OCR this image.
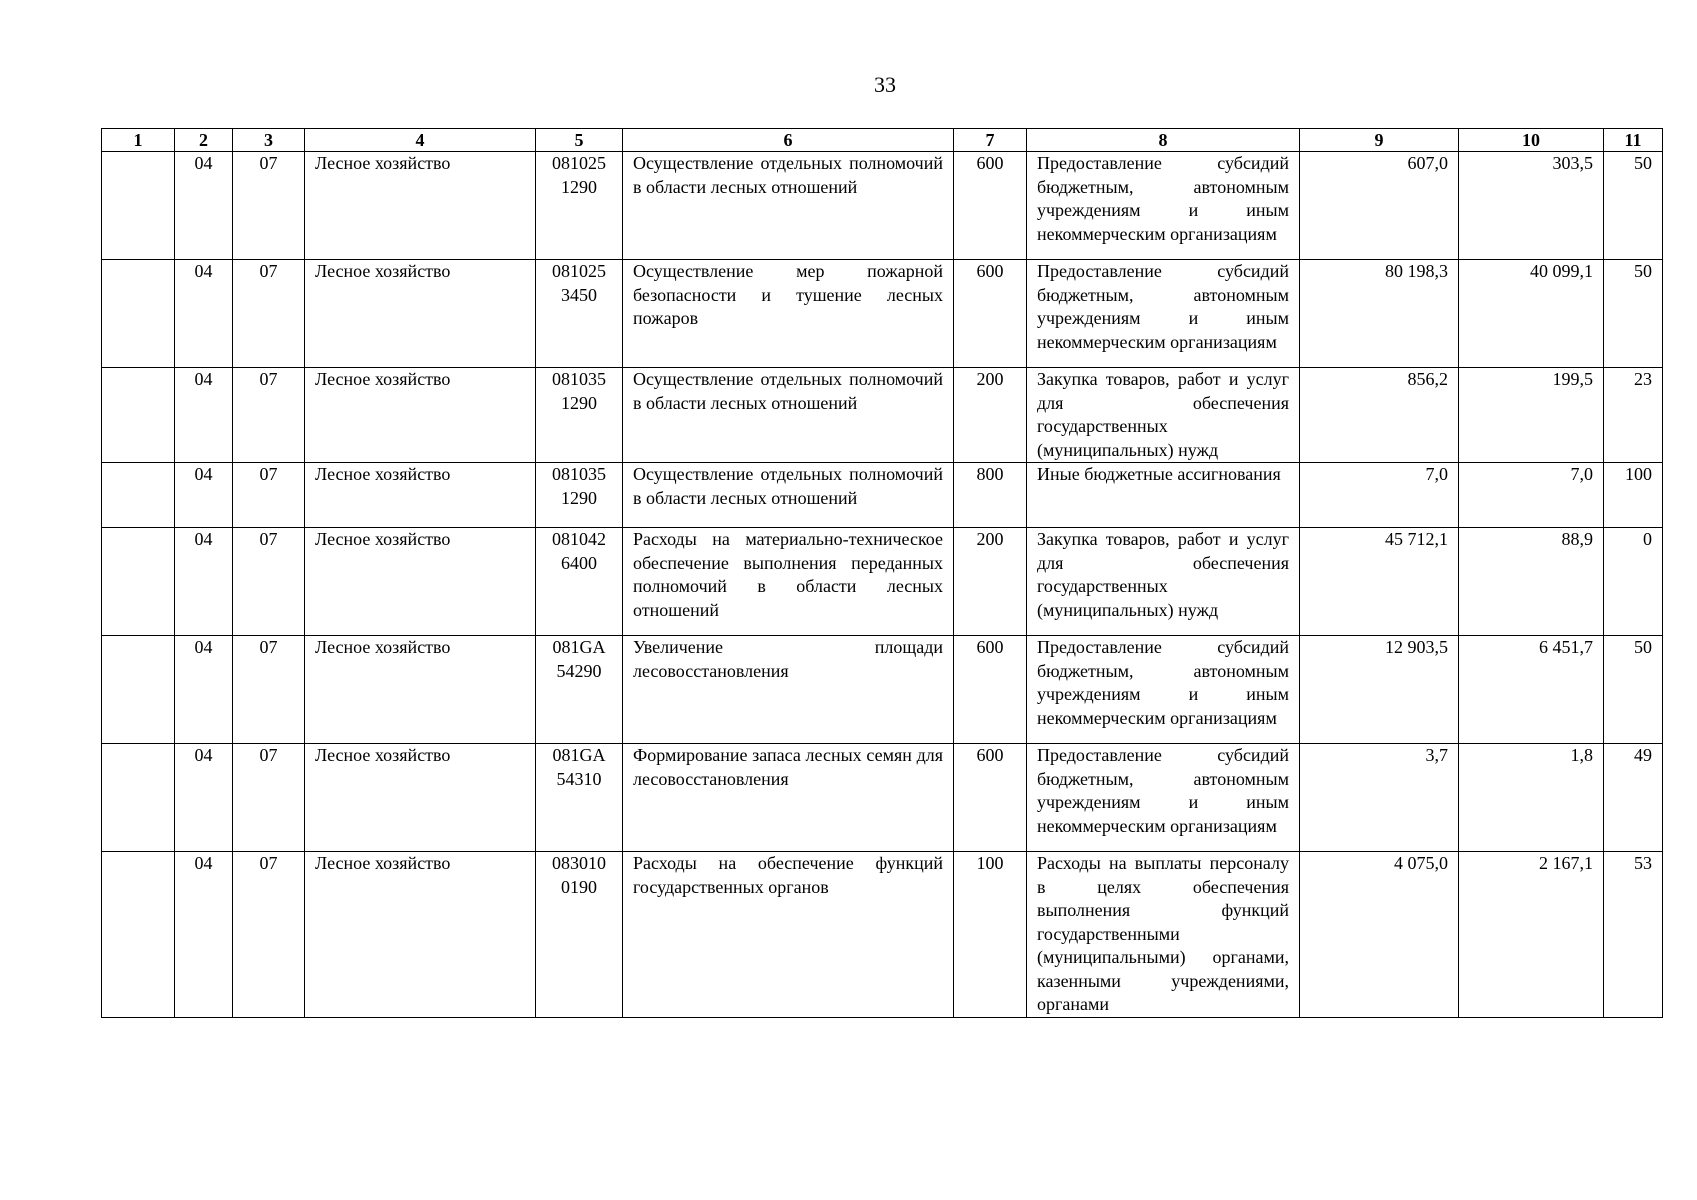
33
1	2	3	4	5	6	7	8	9	10	11
	04	07	Лесное хозяйство	081025 1290	Осуществление отдельных полномочий в области лесных отношений	600	Предоставление субсидий бюджетным, автономным учреждениям и иным некоммерческим организациям	607,0	303,5	50
	04	07	Лесное хозяйство	081025 3450	Осуществление мер пожарной безопасности и тушение лесных пожаров	600	Предоставление субсидий бюджетным, автономным учреждениям и иным некоммерческим организациям	80 198,3	40 099,1	50
	04	07	Лесное хозяйство	081035 1290	Осуществление отдельных полномочий в области лесных отношений	200	Закупка товаров, работ и услуг для обеспечения государственных (муниципальных) нужд	856,2	199,5	23
	04	07	Лесное хозяйство	081035 1290	Осуществление отдельных полномочий в области лесных отношений	800	Иные бюджетные ассигнования	7,0	7,0	100
	04	07	Лесное хозяйство	081042 6400	Расходы на материально-техническое обеспечение выполнения переданных полномочий в области лесных отношений	200	Закупка товаров, работ и услуг для обеспечения государственных (муниципальных) нужд	45 712,1	88,9	0
	04	07	Лесное хозяйство	081GA 54290	Увеличение площади лесовосстановления	600	Предоставление субсидий бюджетным, автономным учреждениям и иным некоммерческим организациям	12 903,5	6 451,7	50
	04	07	Лесное хозяйство	081GA 54310	Формирование запаса лесных семян для лесовосстановления	600	Предоставление субсидий бюджетным, автономным учреждениям и иным некоммерческим организациям	3,7	1,8	49
	04	07	Лесное хозяйство	083010 0190	Расходы на обеспечение функций государственных органов	100	Расходы на выплаты персоналу в целях обеспечения выполнения функций государственными (муниципальными) органами, казенными учреждениями, органами	4 075,0	2 167,1	53
